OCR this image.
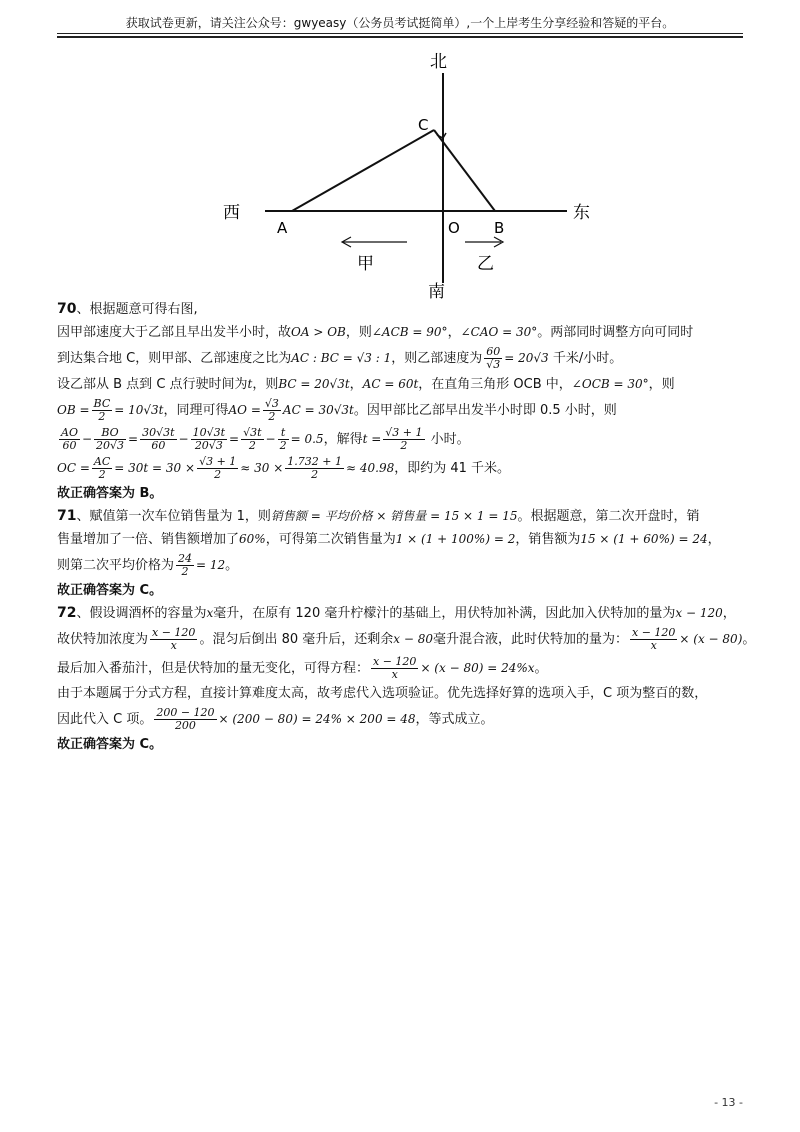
获取试卷更新，请关注公众号：gwyeasy（公务员考试挺简单）,一个上岸考生分享经验和答疑的平台。
北
南
西	东
A	B
C
O
甲	乙
70、根据题意可得右图,
因甲部速度大于乙部且早出发半小时，故OA > OB，则∠ACB = 90°，∠CAO = 30°。两部同时调整方向可同时
到达集合地 C，则甲部、乙部速度之比为AC : BC = √3 : 1，则乙部速度为 $\frac{60}{√3} = 20√3$ 千米/小时。
设乙部从 B 点到 C 点行驶时间为t，则BC = 20√3t，AC = 60t，在直角三角形 OCB 中，∠OCB = 30°，则
OB = $\frac{BC}{2} = 10√3t$，同理可得AO = $\frac{√3}{2}$ AC = 30√3t。因甲部比乙部早出发半小时即 0.5 小时，则
$\frac{AO}{60} - \frac{BO}{20√3} = \frac{30√3t}{60} - \frac{10√3t}{20√3} = \frac{√3t}{2} - \frac{t}{2} = 0.5$，解得$t = \frac{√3 + 1}{2}$ 小时。
OC = $\frac{AC}{2} = 30t = 30 \times \frac{√3 + 1}{2} \approx 30 \times \frac{1.732 + 1}{2} \approx 40.98$，即约为 41 千米。
故正确答案为 B。
71、赋值第一次车位销售量为 1，则销售额 = 平均价格 × 销售量 = 15 × 1 = 15。根据题意，第二次开盘时，销
售量增加了一倍、销售额增加了60%，可得第二次销售量为1 × (1 + 100%) = 2，销售额为15 × (1 + 60%) = 24，
则第二次平均价格为 $\frac{24}{2} = 12$。
故正确答案为 C。
72、假设调酒杯的容量为x毫升，在原有 120 毫升柠檬汁的基础上，用伏特加补满，因此加入伏特加的量为x − 120，
故伏特加浓度为 $\frac{x - 120}{x}$ 。混匀后倒出 80 毫升后，还剩余x − 80毫升混合液，此时伏特加的量为： $\frac{x - 120}{x} \times (x - 80)$。
最后加入番茄汁，但是伏特加的量无变化，可得方程： $\frac{x - 120}{x} \times (x - 80) = 24\%x$。
由于本题属于分式方程，直接计算难度太高，故考虑代入选项验证。优先选择好算的选项入手，C 项为整百的数，
因此代入 C 项。 $\frac{200 - 120}{200} \times (200 - 80) = 24\% \times 200 = 48$，等式成立。
故正确答案为 C。
- 13 -
